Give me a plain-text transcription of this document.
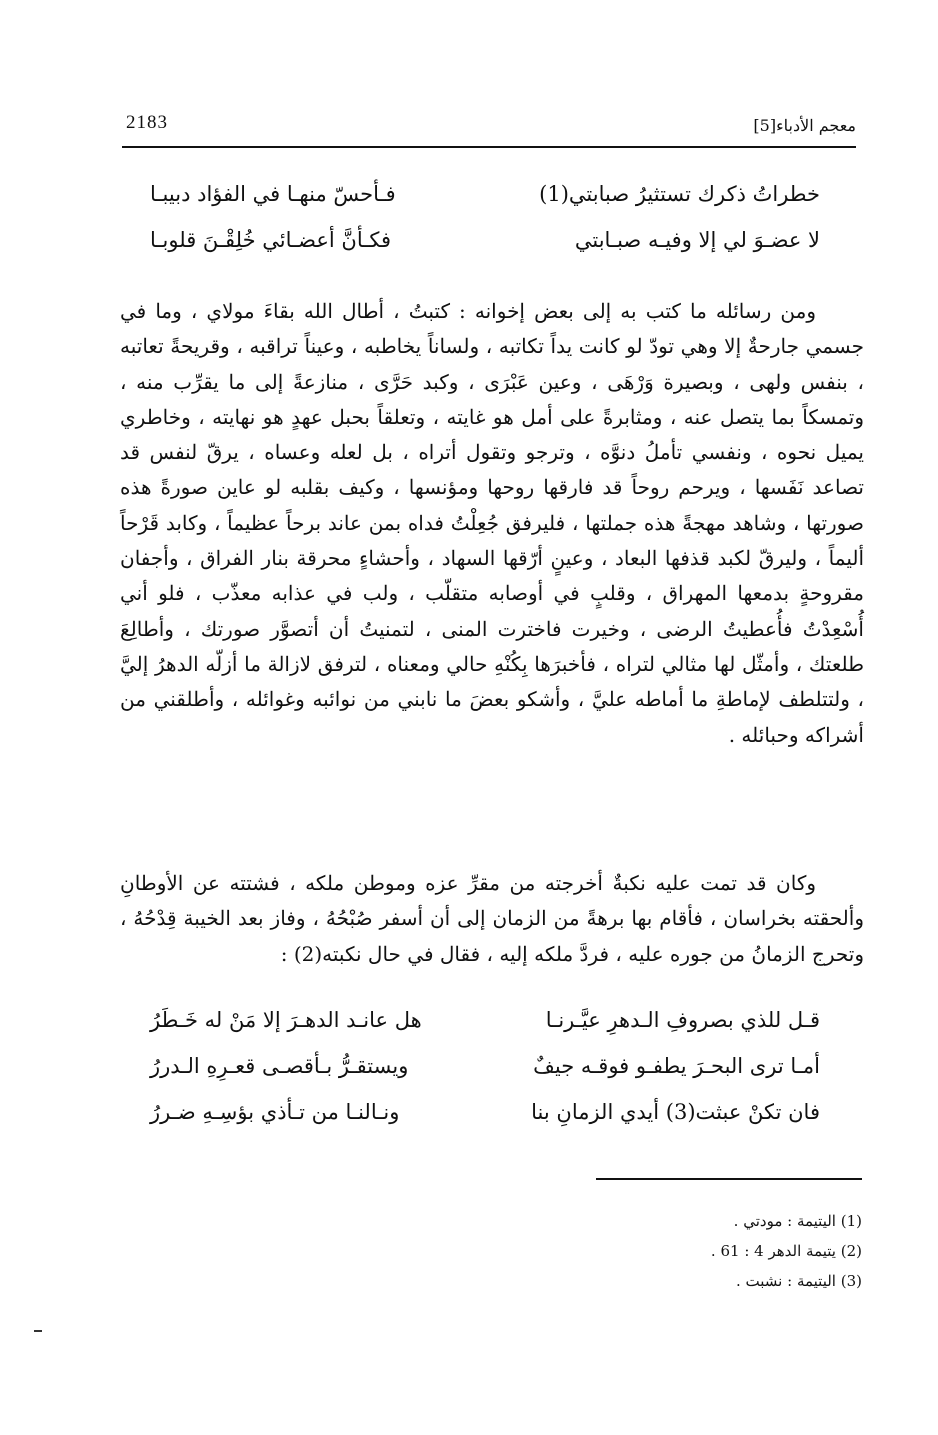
2183	معجم الأدباء[5]
خطراتُ ذكرك تستثيرُ صبابتي(1)
فـأحسّ منهـا في الفؤاد دبيبـا
لا عضـوَ لي إلا وفيـه صبـابتي
فكـأنَّ أعضـائي خُلِقْـنَ قلوبـا

ومن رسائله ما كتب به إلى بعض إخوانه : كتبتُ ، أطال الله بقاءَ مولاي ، وما في جسمي جارحةٌ إلا وهي تودّ لو كانت يداً تكاتبه ، ولساناً يخاطبه ، وعيناً تراقبه ، وقريحةً تعاتبه ، بنفس ولهى ، وبصيرة وَرْهَى ، وعين عَبْرَى ، وكبد حَرَّى ، منازعةً إلى ما يقرِّب منه ، وتمسكاً بما يتصل عنه ، ومثابرةً على أمل هو غايته ، وتعلقاً بحبل عهدٍ هو نهايته ، وخاطري يميل نحوه ، ونفسي تأملُ دنوَّه ، وترجو وتقول أتراه ، بل لعله وعساه ، يرقّ لنفس قد تصاعد نَفَسها ، ويرحم روحاً قد فارقها روحها ومؤنسها ، وكيف بقلبه لو عاين صورةً هذه صورتها ، وشاهد مهجةً هذه جملتها ، فليرفق جُعِلْتُ فداه بمن عاند برحاً عظيماً ، وكابد قَرْحاً أليماً ، وليرقّ لكبد قذفها البعاد ، وعينٍ أرّقها السهاد ، وأحشاءٍ محرقة بنار الفراق ، وأجفان مقروحةٍ بدمعها المهراق ، وقلبٍ في أوصابه متقلّب ، ولب في عذابه معذّب ، فلو أني أُسْعِدْتُ فأُعطيتُ الرضى ، وخيرت فاخترت المنى ، لتمنيتُ أن أتصوَّر صورتك ، وأطالِعَ طلعتك ، وأمثّل لها مثالي لتراه ، فأخبرَها بِكُنْهِ حالي ومعناه ، لترفق لازالة ما أزلّه الدهرُ إليَّ ، ولتتلطف لإماطةِ ما أماطه عليَّ ، وأشكو بعضَ ما نابني من نوائبه وغوائله ، وأطلقني من أشراكه وحبائله .

وكان قد تمت عليه نكبةٌ أخرجته من مقرِّ عزه وموطن ملكه ، فشتته عن الأوطانِ وألحقته بخراسان ، فأقام بها برهةً من الزمان إلى أن أسفر صُبْحُهُ ، وفاز بعد الخيبة قِدْحُهُ ، وتحرج الزمانُ من جوره عليه ، فردَّ ملكه إليه ، فقال في حال نكبته(2) :

قـل للذي بصروفِ الـدهرِ عيَّـرنـا
هل عانـد الدهـرَ إلا مَنْ له خَـطَرُ
أمـا ترى البحـرَ يطفـو فوقـه جيفٌ
ويستقـرُّ بـأقصـى قعـرِهِ الـدررُ
فان تكنْ عبثت(3) أيدي الزمانِ بنا
ونـالنـا من تـأذي بؤسِـهِ ضـررُ
(1) اليتيمة : مودتي .
(2) يتيمة الدهر 4 : 61 .
(3) اليتيمة : نشبت .
